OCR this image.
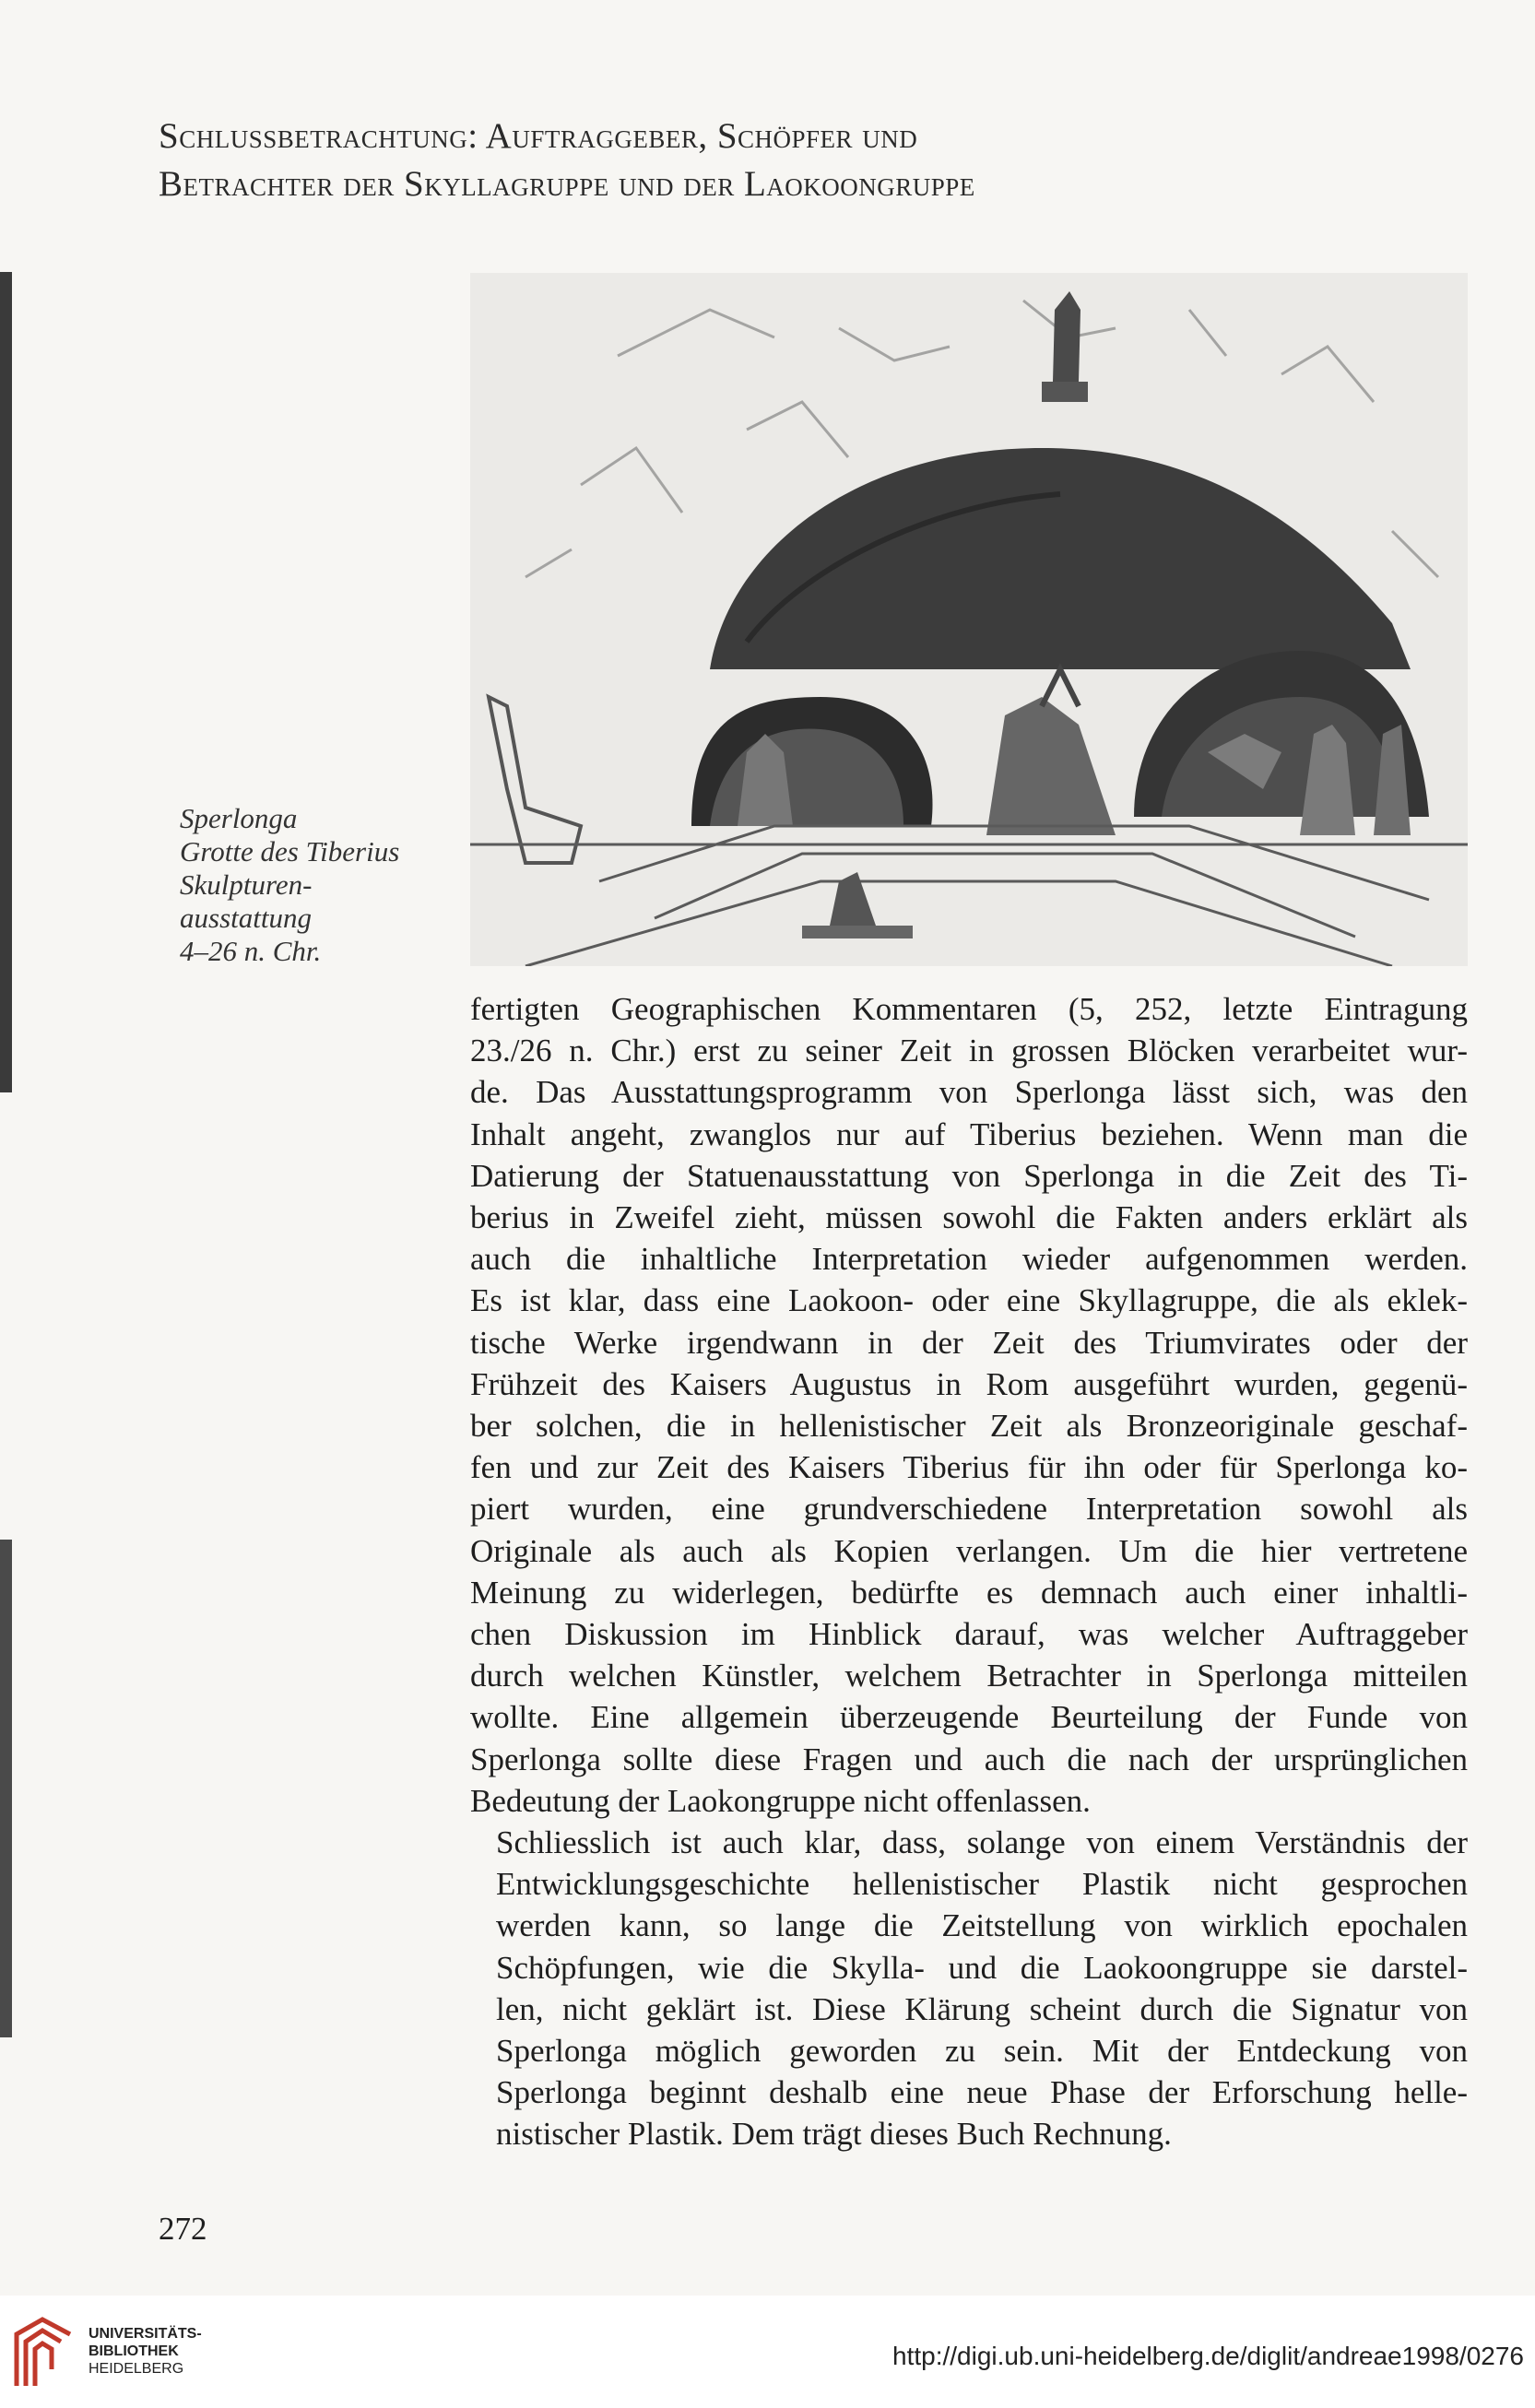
Schlussbetrachtung: Auftraggeber, Schöpfer und
Betrachter der Skyllagruppe und der Laokoongruppe
Sperlonga
Grotte des Tiberius
Skulpturen-
ausstattung
4–26 n. Chr.

fertigten Geographischen Kommentaren (5, 252, letzte Eintragung
23./26 n. Chr.) erst zu seiner Zeit in grossen Blöcken verarbeitet wur-
de. Das Ausstattungsprogramm von Sperlonga lässt sich, was den
Inhalt angeht, zwanglos nur auf Tiberius beziehen. Wenn man die
Datierung der Statuenausstattung von Sperlonga in die Zeit des Ti-
berius in Zweifel zieht, müssen sowohl die Fakten anders erklärt als
auch die inhaltliche Interpretation wieder aufgenommen werden.
Es ist klar, dass eine Laokoon- oder eine Skyllagruppe, die als eklek-
tische Werke irgendwann in der Zeit des Triumvirates oder der
Frühzeit des Kaisers Augustus in Rom ausgeführt wurden, gegenü-
ber solchen, die in hellenistischer Zeit als Bronzeoriginale geschaf-
fen und zur Zeit des Kaisers Tiberius für ihn oder für Sperlonga ko-
piert wurden, eine grundverschiedene Interpretation sowohl als
Originale als auch als Kopien verlangen. Um die hier vertretene
Meinung zu widerlegen, bedürfte es demnach auch einer inhaltli-
chen Diskussion im Hinblick darauf, was welcher Auftraggeber
durch welchen Künstler, welchem Betrachter in Sperlonga mitteilen
wollte. Eine allgemein überzeugende Beurteilung der Funde von
Sperlonga sollte diese Fragen und auch die nach der ursprünglichen
Bedeutung der Laokongruppe nicht offenlassen.

Schliesslich ist auch klar, dass, solange von einem Verständnis der
Entwicklungsgeschichte hellenistischer Plastik nicht gesprochen
werden kann, so lange die Zeitstellung von wirklich epochalen
Schöpfungen, wie die Skylla- und die Laokoongruppe sie darstel-
len, nicht geklärt ist. Diese Klärung scheint durch die Signatur von
Sperlonga möglich geworden zu sein. Mit der Entdeckung von
Sperlonga beginnt deshalb eine neue Phase der Erforschung helle-
nistischer Plastik. Dem trägt dieses Buch Rechnung.

272
UNIVERSITÄTS-
BIBLIOTHEK
HEIDELBERG	http://digi.ub.uni-heidelberg.de/diglit/andreae1998/0276
